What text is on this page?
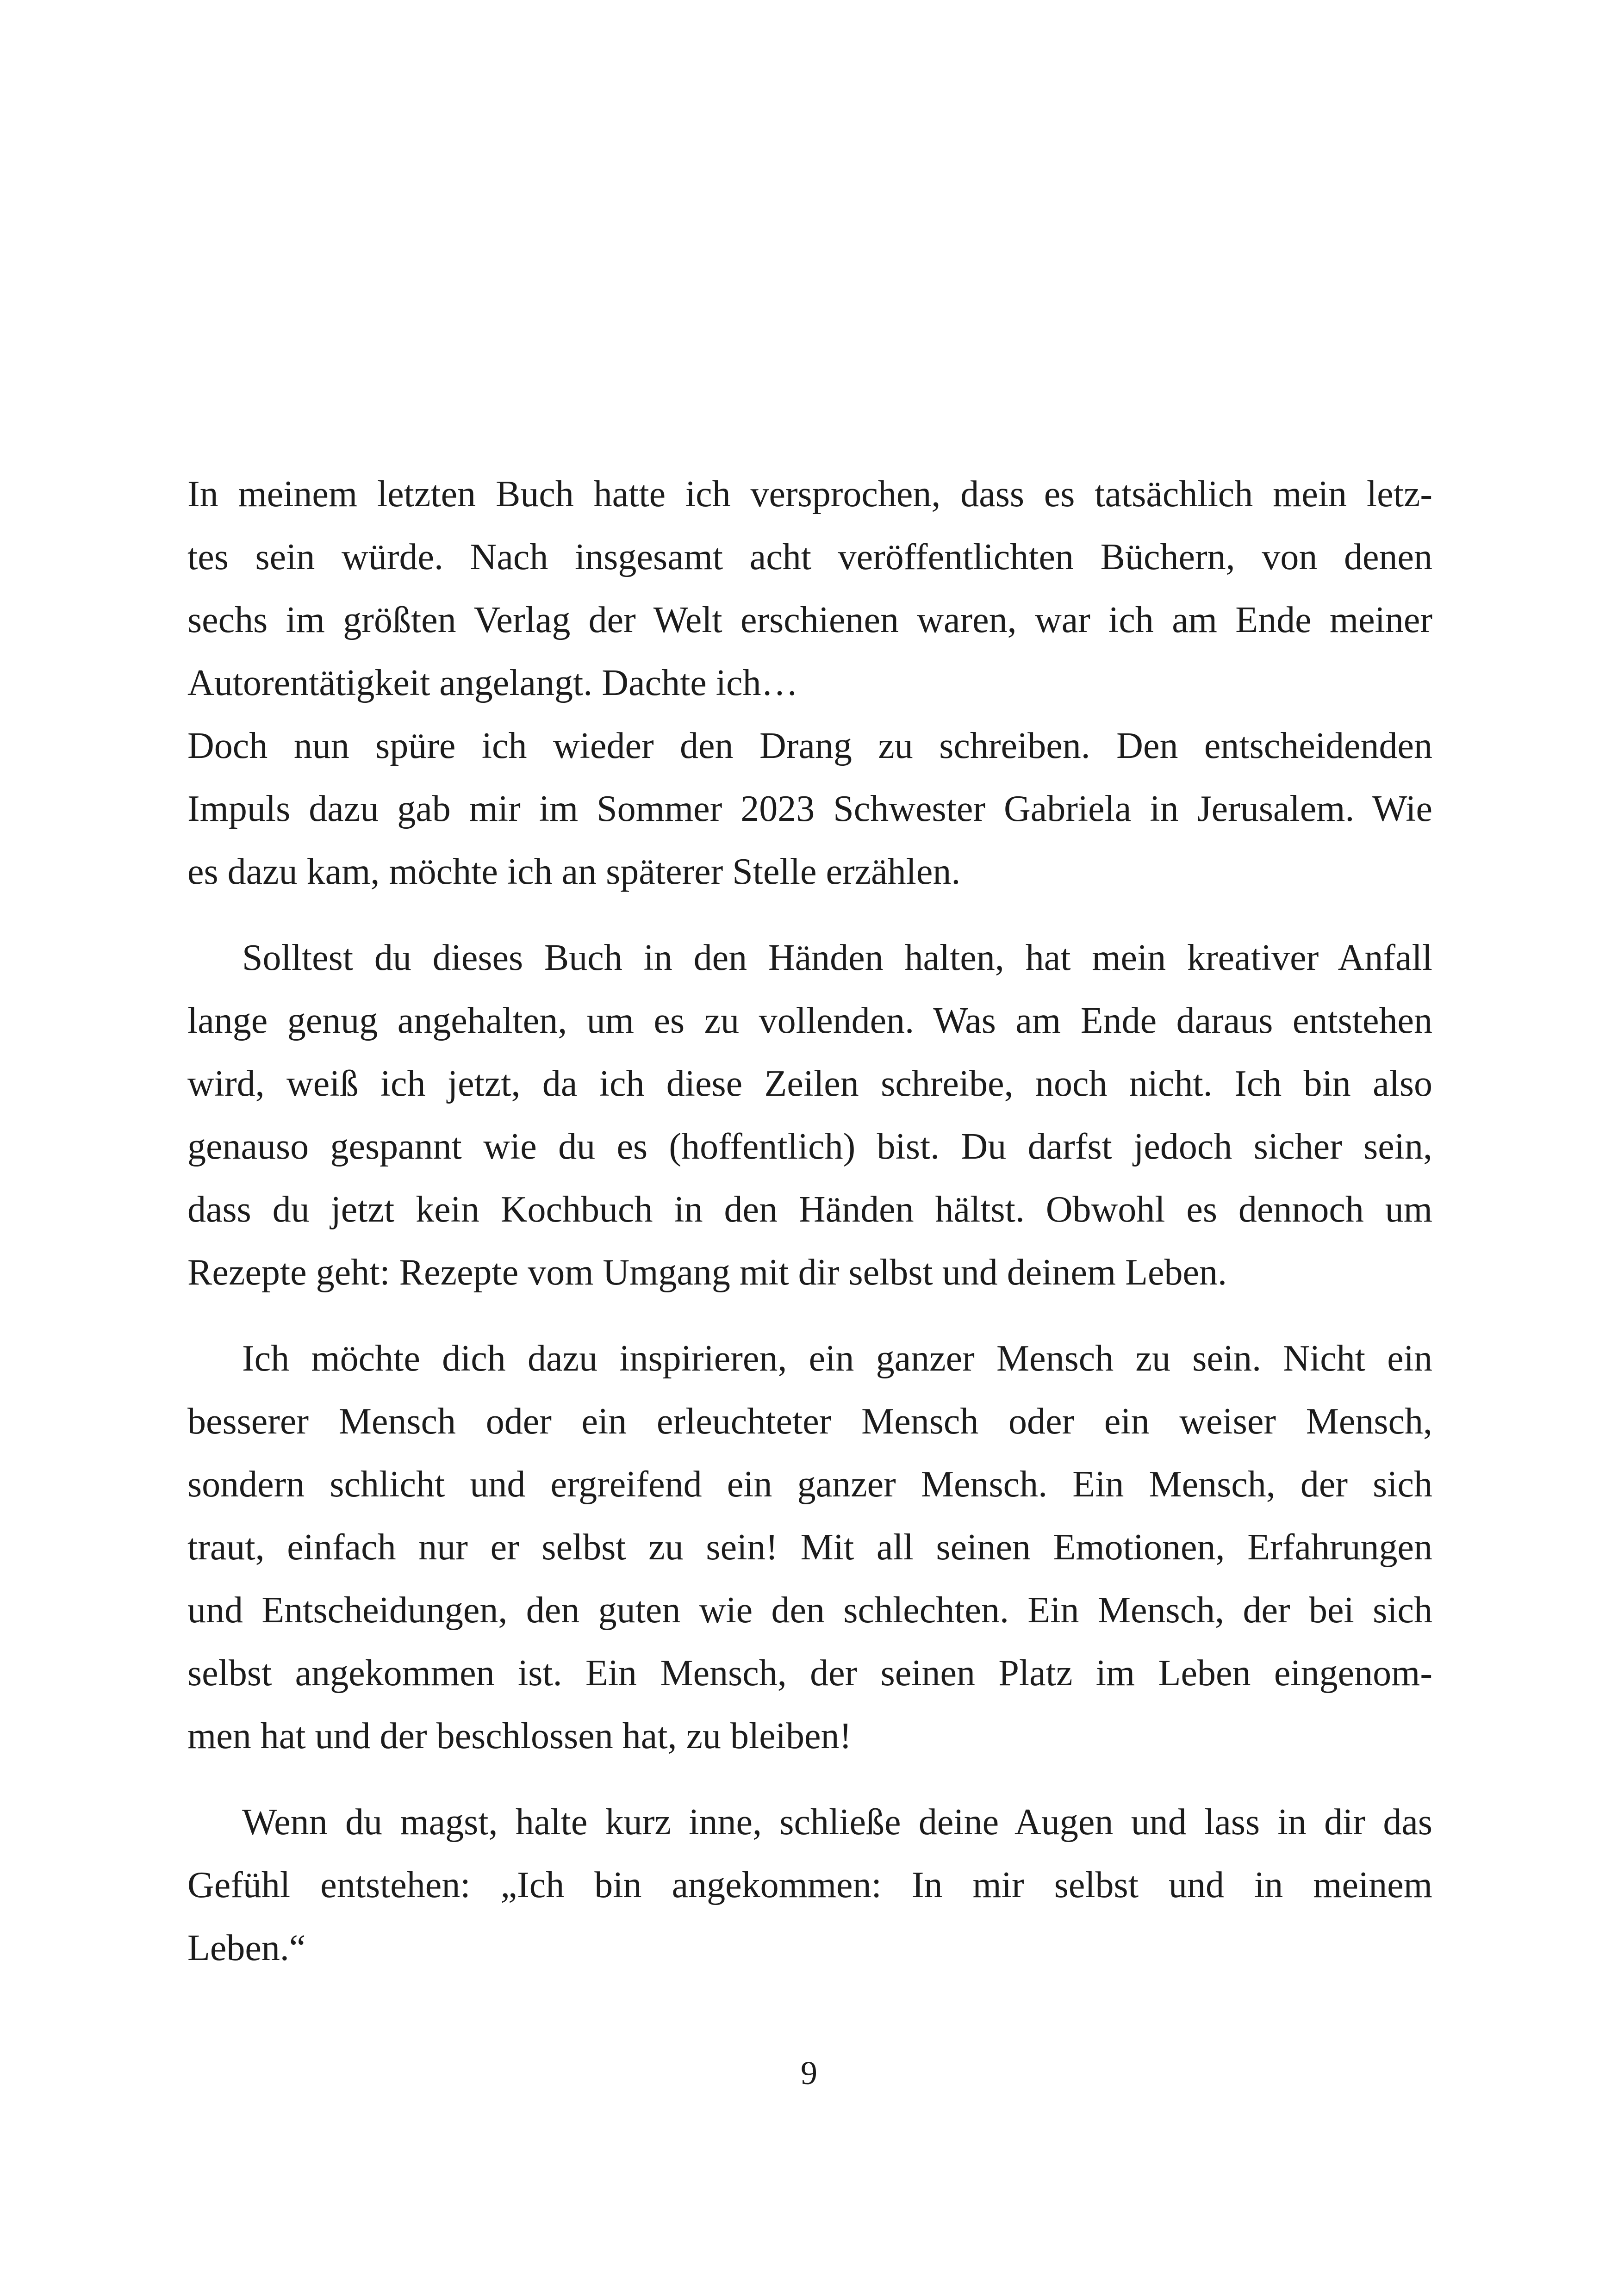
In meinem letzten Buch hatte ich versprochen, dass es tatsächlich mein letz-
tes sein würde. Nach insgesamt acht veröffentlichten Büchern, von denen
sechs im größten Verlag der Welt erschienen waren, war ich am Ende meiner
Autorentätigkeit angelangt. Dachte ich…
Doch nun spüre ich wieder den Drang zu schreiben. Den entscheidenden
Impuls dazu gab mir im Sommer 2023 Schwester Gabriela in Jerusalem. Wie
es dazu kam, möchte ich an späterer Stelle erzählen.
Solltest du dieses Buch in den Händen halten, hat mein kreativer Anfall
lange genug angehalten, um es zu vollenden. Was am Ende daraus entstehen
wird, weiß ich jetzt, da ich diese Zeilen schreibe, noch nicht. Ich bin also
genauso gespannt wie du es (hoffentlich) bist. Du darfst jedoch sicher sein,
dass du jetzt kein Kochbuch in den Händen hältst. Obwohl es dennoch um
Rezepte geht: Rezepte vom Umgang mit dir selbst und deinem Leben.
Ich möchte dich dazu inspirieren, ein ganzer Mensch zu sein. Nicht ein
besserer Mensch oder ein erleuchteter Mensch oder ein weiser Mensch,
sondern schlicht und ergreifend ein ganzer Mensch. Ein Mensch, der sich
traut, einfach nur er selbst zu sein! Mit all seinen Emotionen, Erfahrungen
und Entscheidungen, den guten wie den schlechten. Ein Mensch, der bei sich
selbst angekommen ist. Ein Mensch, der seinen Platz im Leben eingenom-
men hat und der beschlossen hat, zu bleiben!
Wenn du magst, halte kurz inne, schließe deine Augen und lass in dir das
Gefühl entstehen: „Ich bin angekommen: In mir selbst und in meinem
Leben.“
9
